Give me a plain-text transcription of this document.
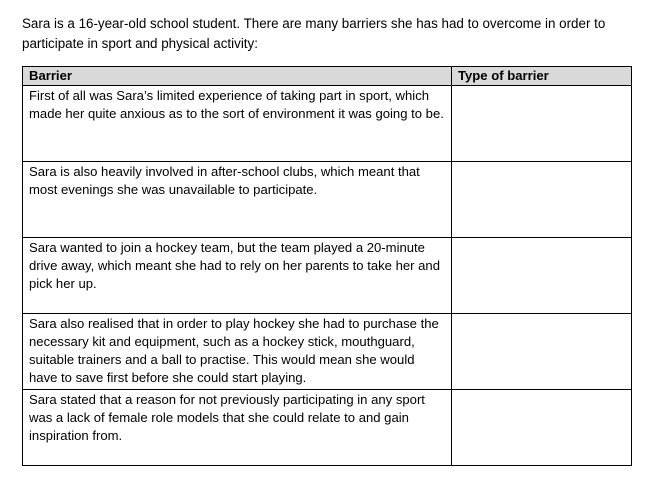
Sara is a 16-year-old school student. There are many barriers she has had to overcome in order to participate in sport and physical activity:

Barrier	Type of barrier
First of all was Sara’s limited experience of taking part in sport, which made her quite anxious as to the sort of environment it was going to be.	
Sara is also heavily involved in after-school clubs, which meant that most evenings she was unavailable to participate.	
Sara wanted to join a hockey team, but the team played a 20-minute drive away, which meant she had to rely on her parents to take her and pick her up.	
Sara also realised that in order to play hockey she had to purchase the necessary kit and equipment, such as a hockey stick, mouthguard, suitable trainers and a ball to practise. This would mean she would have to save first before she could start playing.	
Sara stated that a reason for not previously participating in any sport was a lack of female role models that she could relate to and gain inspiration from.	
